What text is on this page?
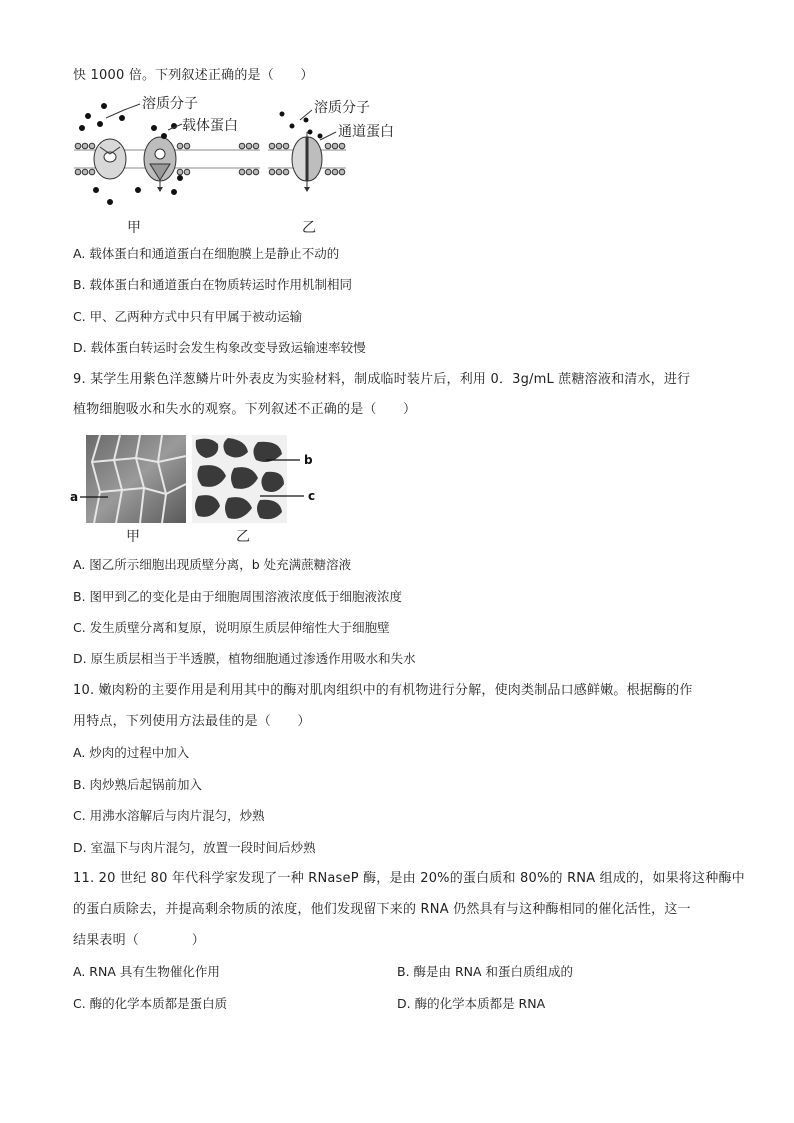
快 1000 倍。下列叙述正确的是（　　）
溶质分子
载体蛋白
甲
溶质分子
通道蛋白
乙
A. 载体蛋白和通道蛋白在细胞膜上是静止不动的
B. 载体蛋白和通道蛋白在物质转运时作用机制相同
C. 甲、乙两种方式中只有甲属于被动运输
D. 载体蛋白转运时会发生构象改变导致运输速率较慢
9. 某学生用紫色洋葱鳞片叶外表皮为实验材料，制成临时装片后，利用 0．3g/mL 蔗糖溶液和清水，进行
植物细胞吸水和失水的观察。下列叙述不正确的是（　　）
a
甲
b
c
乙
A. 图乙所示细胞出现质壁分离，b 处充满蔗糖溶液
B. 图甲到乙的变化是由于细胞周围溶液浓度低于细胞液浓度
C. 发生质壁分离和复原，说明原生质层伸缩性大于细胞壁
D. 原生质层相当于半透膜，植物细胞通过渗透作用吸水和失水
10. 嫩肉粉的主要作用是利用其中的酶对肌肉组织中的有机物进行分解，使肉类制品口感鲜嫩。根据酶的作
用特点，下列使用方法最佳的是（　　）
A. 炒肉的过程中加入
B. 肉炒熟后起锅前加入
C. 用沸水溶解后与肉片混匀，炒熟
D. 室温下与肉片混匀，放置一段时间后炒熟
11. 20 世纪 80 年代科学家发现了一种 RNaseP 酶，是由 20%的蛋白质和 80%的 RNA 组成的，如果将这种酶中
的蛋白质除去，并提高剩余物质的浓度，他们发现留下来的 RNA 仍然具有与这种酶相同的催化活性，这一
结果表明（　　　　）
A. RNA 具有生物催化作用	B. 酶是由 RNA 和蛋白质组成的
C. 酶的化学本质都是蛋白质	D. 酶的化学本质都是 RNA
